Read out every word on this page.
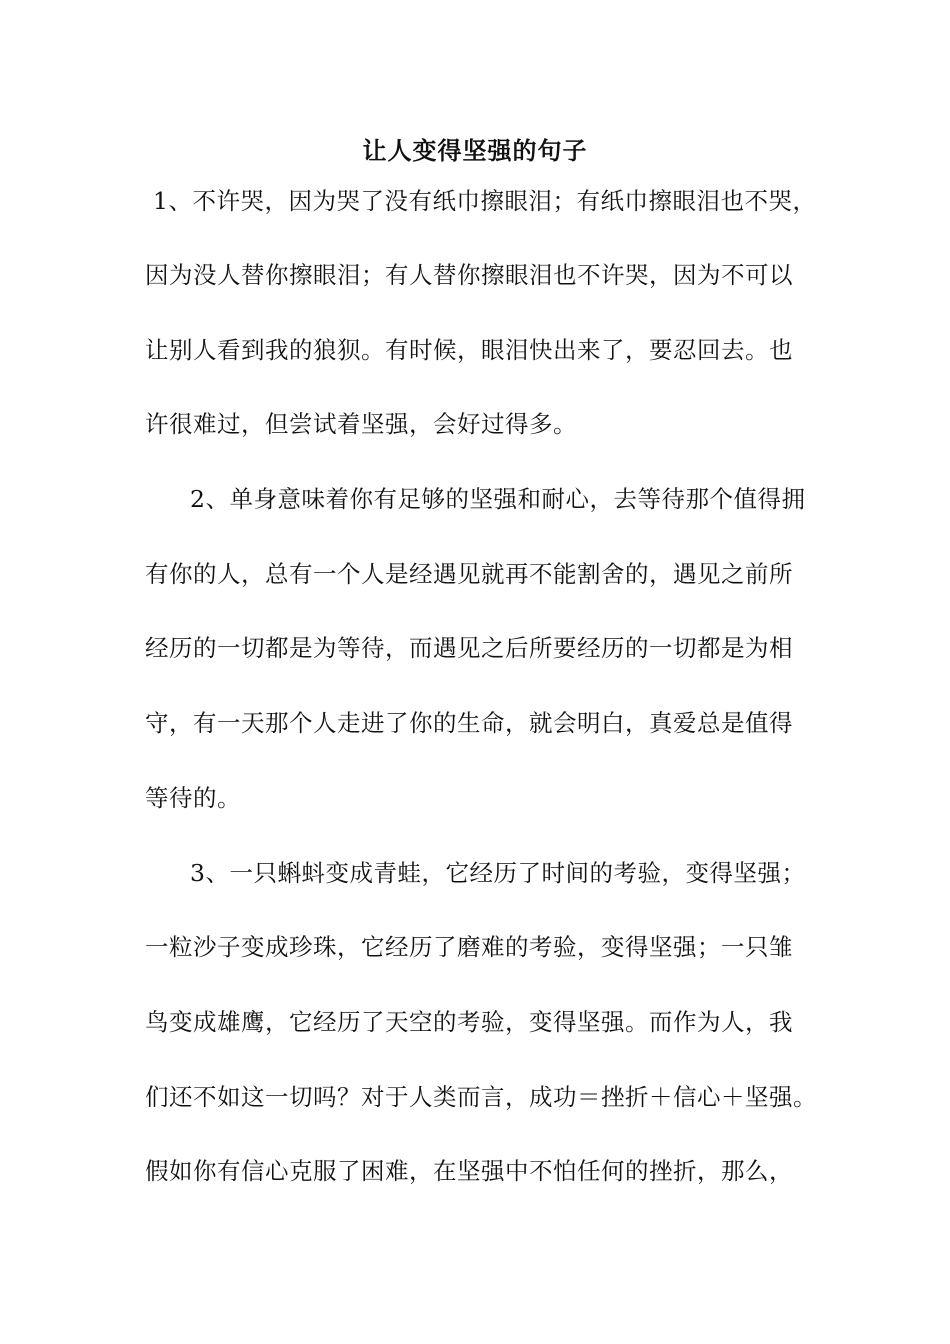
让人变得坚强的句子
1、不许哭，因为哭了没有纸巾擦眼泪；有纸巾擦眼泪也不哭，
因为没人替你擦眼泪；有人替你擦眼泪也不许哭，因为不可以
让别人看到我的狼狈。有时候，眼泪快出来了，要忍回去。也
许很难过，但尝试着坚强，会好过得多。
2、单身意味着你有足够的坚强和耐心，去等待那个值得拥
有你的人，总有一个人是经遇见就再不能割舍的，遇见之前所
经历的一切都是为等待，而遇见之后所要经历的一切都是为相
守，有一天那个人走进了你的生命，就会明白，真爱总是值得
等待的。
3、一只蝌蚪变成青蛙，它经历了时间的考验，变得坚强；
一粒沙子变成珍珠，它经历了磨难的考验，变得坚强；一只雏
鸟变成雄鹰，它经历了天空的考验，变得坚强。而作为人，我
们还不如这一切吗？对于人类而言，成功＝挫折＋信心＋坚强。
假如你有信心克服了困难，在坚强中不怕任何的挫折，那么，
